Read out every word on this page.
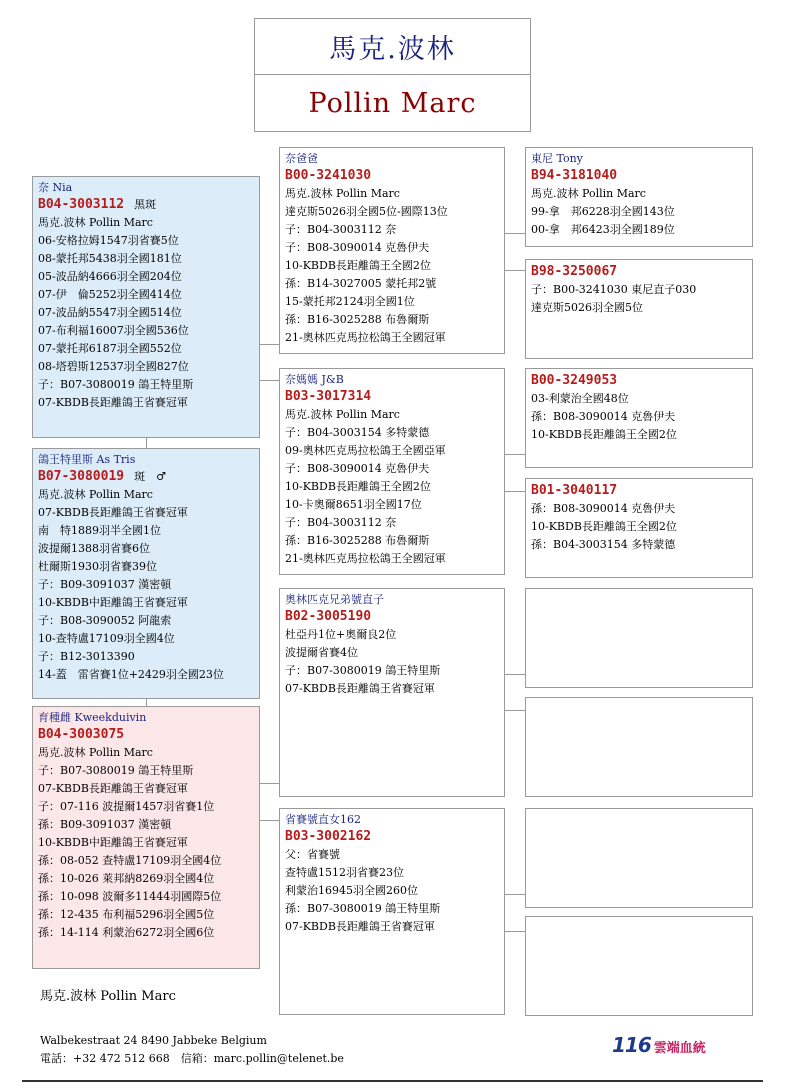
馬克.波林
Pollin Marc
奈 Nia
B04-3003112 黑斑
馬克.波林 Pollin Marc
06-安格拉姆1547羽省賽5位
08-蒙托邦5438羽全國181位
05-波品納4666羽全國204位
07-伊　倫5252羽全國414位
07-波品納5547羽全國514位
07-布利福16007羽全國536位
07-蒙托邦6187羽全國552位
08-塔碧斯12537羽全國827位
子：B07-3080019 鴿王特里斯
07-KBDB長距離鴿王省賽冠軍
鴿王特里斯 As Tris
B07-3080019 斑　♂
馬克.波林 Pollin Marc
07-KBDB長距離鴿王省賽冠軍
南　特1889羽半全國1位
波提爾1388羽省賽6位
杜爾斯1930羽省賽39位
子：B09-3091037 漢密頓
10-KBDB中距離鴿王省賽冠軍
子：B08-3090052 阿龍索
10-查特盧17109羽全國4位
子：B12-3013390
14-蓋　雷省賽1位+2429羽全國23位
育種雌 Kweekduivin
B04-3003075
馬克.波林 Pollin Marc
子：B07-3080019 鴿王特里斯
07-KBDB長距離鴿王省賽冠軍
子：07-116 波提爾1457羽省賽1位
孫：B09-3091037 漢密頓
10-KBDB中距離鴿王省賽冠軍
孫：08-052 查特盧17109羽全國4位
孫：10-026 萊邦納8269羽全國4位
孫：10-098 波爾多11444羽國際5位
孫：12-435 布利福5296羽全國5位
孫：14-114 利蒙治6272羽全國6位
奈爸爸
B00-3241030
馬克.波林 Pollin Marc
達克斯5026羽全國5位-國際13位
子：B04-3003112 奈
子：B08-3090014 克魯伊夫
10-KBDB長距離鴿王全國2位
孫：B14-3027005 蒙托邦2號
15-蒙托邦2124羽全國1位
孫：B16-3025288 布魯爾斯
21-奧林匹克馬拉松鴿王全國冠軍
奈媽媽 J&B
B03-3017314
馬克.波林 Pollin Marc
子：B04-3003154 多特蒙德
09-奧林匹克馬拉松鴿王全國亞軍
子：B08-3090014 克魯伊夫
10-KBDB長距離鴿王全國2位
10-卡奧爾8651羽全國17位
子：B04-3003112 奈
孫：B16-3025288 布魯爾斯
21-奧林匹克馬拉松鴿王全國冠軍
奧林匹克兄弟號直子
B02-3005190
杜亞丹1位+奧爾良2位
波提爾省賽4位
子：B07-3080019 鴿王特里斯
07-KBDB長距離鴿王省賽冠軍
省賽號直女162
B03-3002162
父：省賽號
查特盧1512羽省賽23位
利蒙治16945羽全國260位
孫：B07-3080019 鴿王特里斯
07-KBDB長距離鴿王省賽冠軍
東尼 Tony
B94-3181040
馬克.波林 Pollin Marc
99-拿　邦6228羽全國143位
00-拿　邦6423羽全國189位
B98-3250067
子：B00-3241030 東尼直子030
達克斯5026羽全國5位
B00-3249053
03-利蒙治全國48位
孫：B08-3090014 克魯伊夫
10-KBDB長距離鴿王全國2位
B01-3040117
孫：B08-3090014 克魯伊夫
10-KBDB長距離鴿王全國2位
孫：B04-3003154 多特蒙德
馬克.波林 Pollin Marc
Walbekestraat 24 8490 Jabbeke Belgium
電話：+32 472 512 668　信箱：marc.pollin@telenet.be
116 雲端血統
